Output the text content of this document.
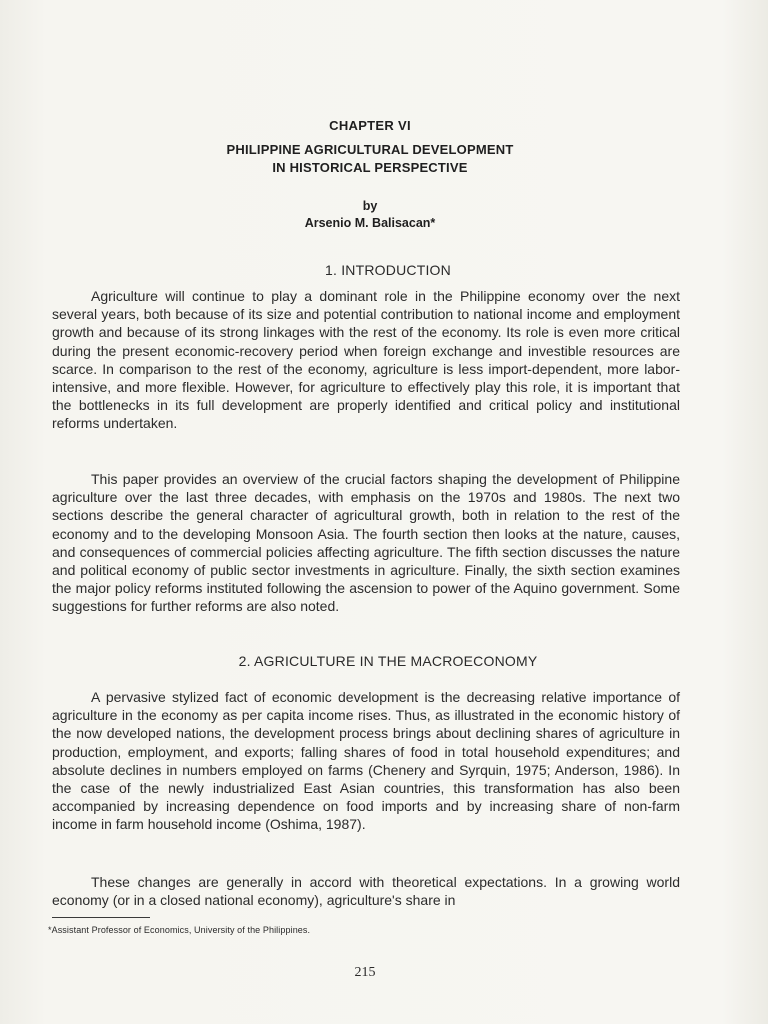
CHAPTER VI
PHILIPPINE AGRICULTURAL DEVELOPMENT
IN HISTORICAL PERSPECTIVE
by
Arsenio M. Balisacan*
1. INTRODUCTION

Agriculture will continue to play a dominant role in the Philippine economy over the next several years, both because of its size and potential contribution to national income and employment growth and because of its strong linkages with the rest of the economy. Its role is even more critical during the present economic-recovery period when foreign exchange and investible resources are scarce. In comparison to the rest of the economy, agriculture is less import-dependent, more labor-intensive, and more flexible. However, for agriculture to effectively play this role, it is important that the bottlenecks in its full development are properly identified and critical policy and institutional reforms undertaken.

This paper provides an overview of the crucial factors shaping the development of Philippine agriculture over the last three decades, with emphasis on the 1970s and 1980s. The next two sections describe the general character of agricultural growth, both in relation to the rest of the economy and to the developing Monsoon Asia. The fourth section then looks at the nature, causes, and consequences of commercial policies affecting agriculture. The fifth section discusses the nature and political economy of public sector investments in agriculture. Finally, the sixth section examines the major policy reforms instituted following the ascension to power of the Aquino government. Some suggestions for further reforms are also noted.

2. AGRICULTURE IN THE MACROECONOMY

A pervasive stylized fact of economic development is the decreasing relative importance of agriculture in the economy as per capita income rises. Thus, as illustrated in the economic history of the now developed nations, the development process brings about declining shares of agriculture in production, employment, and exports; falling shares of food in total household expenditures; and absolute declines in numbers employed on farms (Chenery and Syrquin, 1975; Anderson, 1986). In the case of the newly industrialized East Asian countries, this transformation has also been accompanied by increasing dependence on food imports and by increasing share of non-farm income in farm household income (Oshima, 1987).

These changes are generally in accord with theoretical expectations. In a growing world economy (or in a closed national economy), agriculture's share in

*Assistant Professor of Economics, University of the Philippines.
215
